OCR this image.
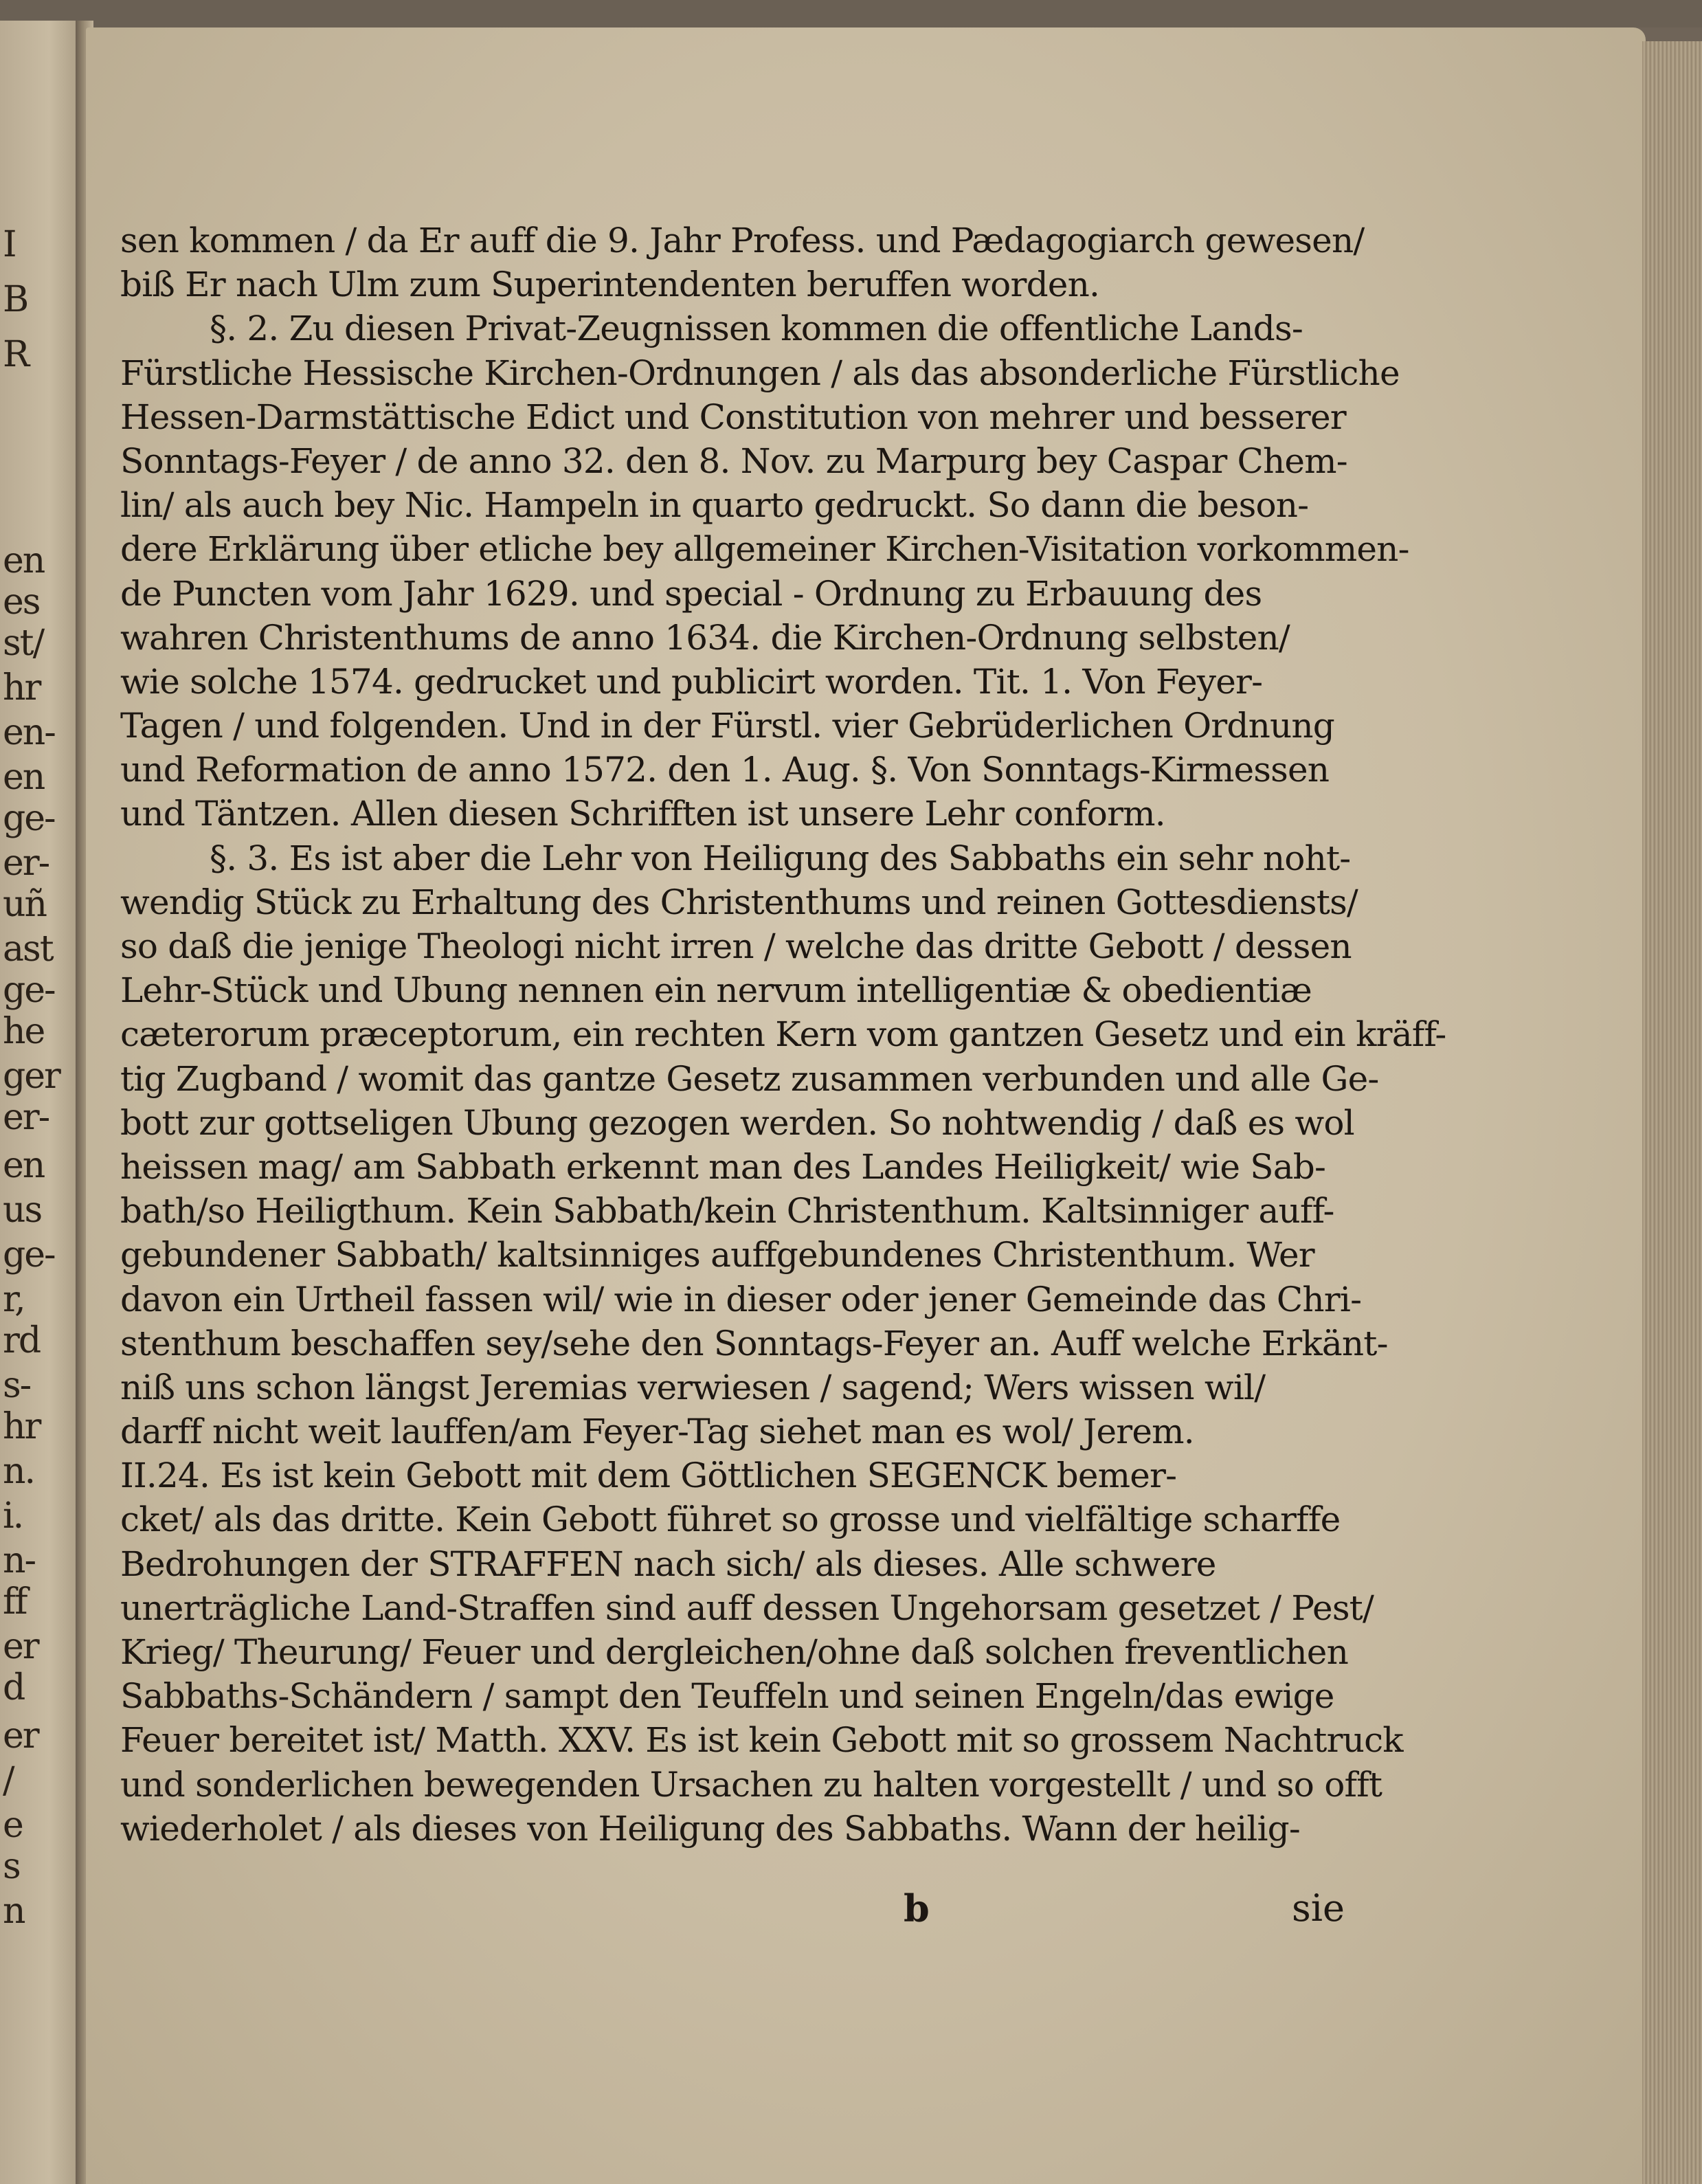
I
B
R
en
es
st/
hr
en-
en
ge-
er-
uñ
ast
ge-
he
ger
er-
en
us
ge-
r,
rd
s-
hr
n.
i.
n-
ff
er
d
er
/
e
s
n
sen kommen / da Er auff die 9. Jahr Profess. und Pædagogiarch gewesen/
biß Er nach Ulm zum Superintendenten beruffen worden.
§. 2. Zu diesen Privat-Zeugnissen kommen die offentliche Lands-
Fürstliche Hessische Kirchen-Ordnungen / als das absonderliche Fürstliche
Hessen-Darmstättische Edict und Constitution von mehrer und besserer
Sonntags-Feyer / de anno 32. den 8. Nov. zu Marpurg bey Caspar Chem-
lin/ als auch bey Nic. Hampeln in quarto gedruckt. So dann die beson-
dere Erklärung über etliche bey allgemeiner Kirchen-Visitation vorkommen-
de Puncten vom Jahr 1629. und special - Ordnung zu Erbauung des
wahren Christenthums de anno 1634. die Kirchen-Ordnung selbsten/
wie solche 1574. gedrucket und publicirt worden. Tit. 1. Von Feyer-
Tagen / und folgenden. Und in der Fürstl. vier Gebrüderlichen Ordnung
und Reformation de anno 1572. den 1. Aug. §. Von Sonntags-Kirmessen
und Täntzen. Allen diesen Schrifften ist unsere Lehr conform.
§. 3. Es ist aber die Lehr von Heiligung des Sabbaths ein sehr noht-
wendig Stück zu Erhaltung des Christenthums und reinen Gottesdiensts/
so daß die jenige Theologi nicht irren / welche das dritte Gebott / dessen
Lehr-Stück und Ubung nennen ein nervum intelligentiæ & obedientiæ
cæterorum præceptorum, ein rechten Kern vom gantzen Gesetz und ein kräff-
tig Zugband / womit das gantze Gesetz zusammen verbunden und alle Ge-
bott zur gottseligen Ubung gezogen werden. So nohtwendig / daß es wol
heissen mag/ am Sabbath erkennt man des Landes Heiligkeit/ wie Sab-
bath/so Heiligthum. Kein Sabbath/kein Christenthum. Kaltsinniger auff-
gebundener Sabbath/ kaltsinniges auffgebundenes Christenthum. Wer
davon ein Urtheil fassen wil/ wie in dieser oder jener Gemeinde das Chri-
stenthum beschaffen sey/sehe den Sonntags-Feyer an. Auff welche Erkänt-
niß uns schon längst Jeremias verwiesen / sagend; Wers wissen wil/
darff nicht weit lauffen/am Feyer-Tag siehet man es wol/ Jerem.
II.24. Es ist kein Gebott mit dem Göttlichen SEGENCK bemer-
cket/ als das dritte. Kein Gebott führet so grosse und vielfältige scharffe
Bedrohungen der STRAFFEN nach sich/ als dieses. Alle schwere
unerträgliche Land-Straffen sind auff dessen Ungehorsam gesetzet / Pest/
Krieg/ Theurung/ Feuer und dergleichen/ohne daß solchen freventlichen
Sabbaths-Schändern / sampt den Teuffeln und seinen Engeln/das ewige
Feuer bereitet ist/ Matth. XXV. Es ist kein Gebott mit so grossem Nachtruck
und sonderlichen bewegenden Ursachen zu halten vorgestellt / und so offt
wiederholet / als dieses von Heiligung des Sabbaths. Wann der heilig-
b	sie
